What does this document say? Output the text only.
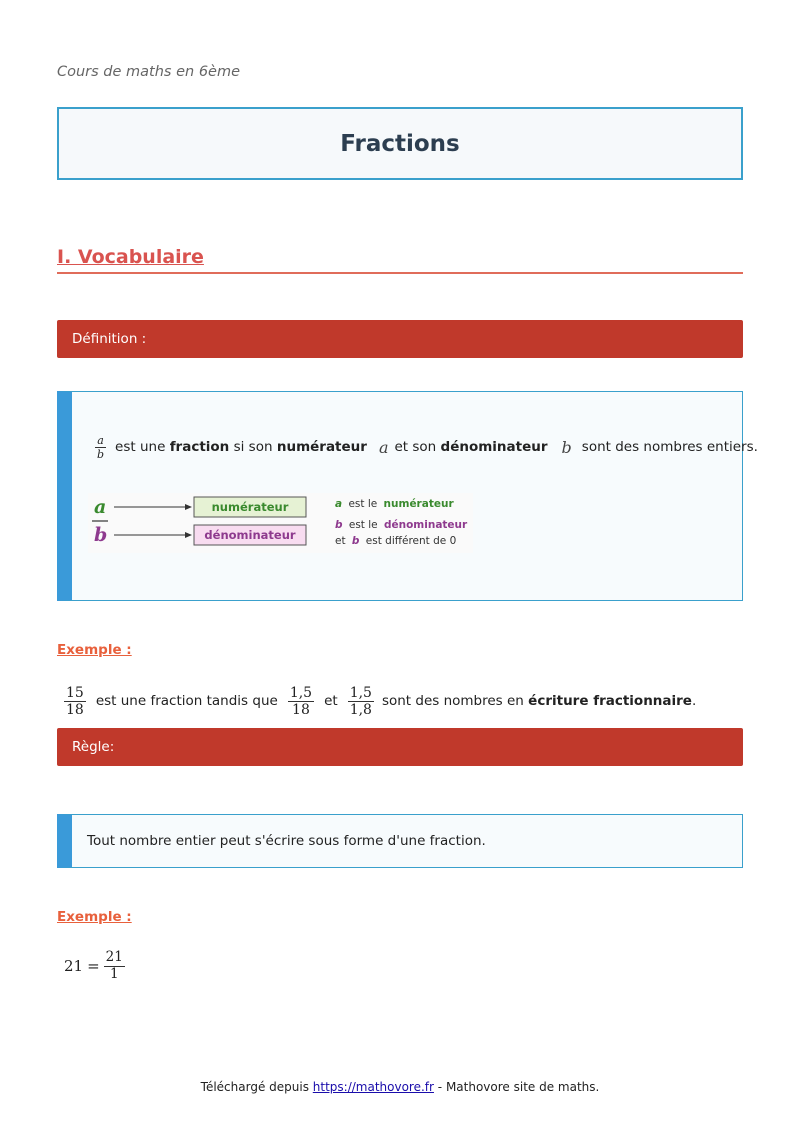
Cours de maths en 6ème
Fractions
I. Vocabulaire
Définition :
$\frac{a}{b}$ est une
fraction
si son
numérateur a et son
dénominateur b sont des nombres entiers.
a
b
numérateur
dénominateur
a est le numérateur
b est le dénominateur
et b est différent de 0
Exemple :
$\frac{15}{18}$ est une fraction tandis que $\frac{1,5}{18}$ et $\frac{1,5}{1,8}$ sont des nombres en
écriture fractionnaire .
Règle:
Tout nombre entier peut s'écrire sous forme d'une fraction.
Exemple :
$21 = \frac{21}{1}$
Téléchargé depuis https://mathovore.fr - Mathovore site de maths.
